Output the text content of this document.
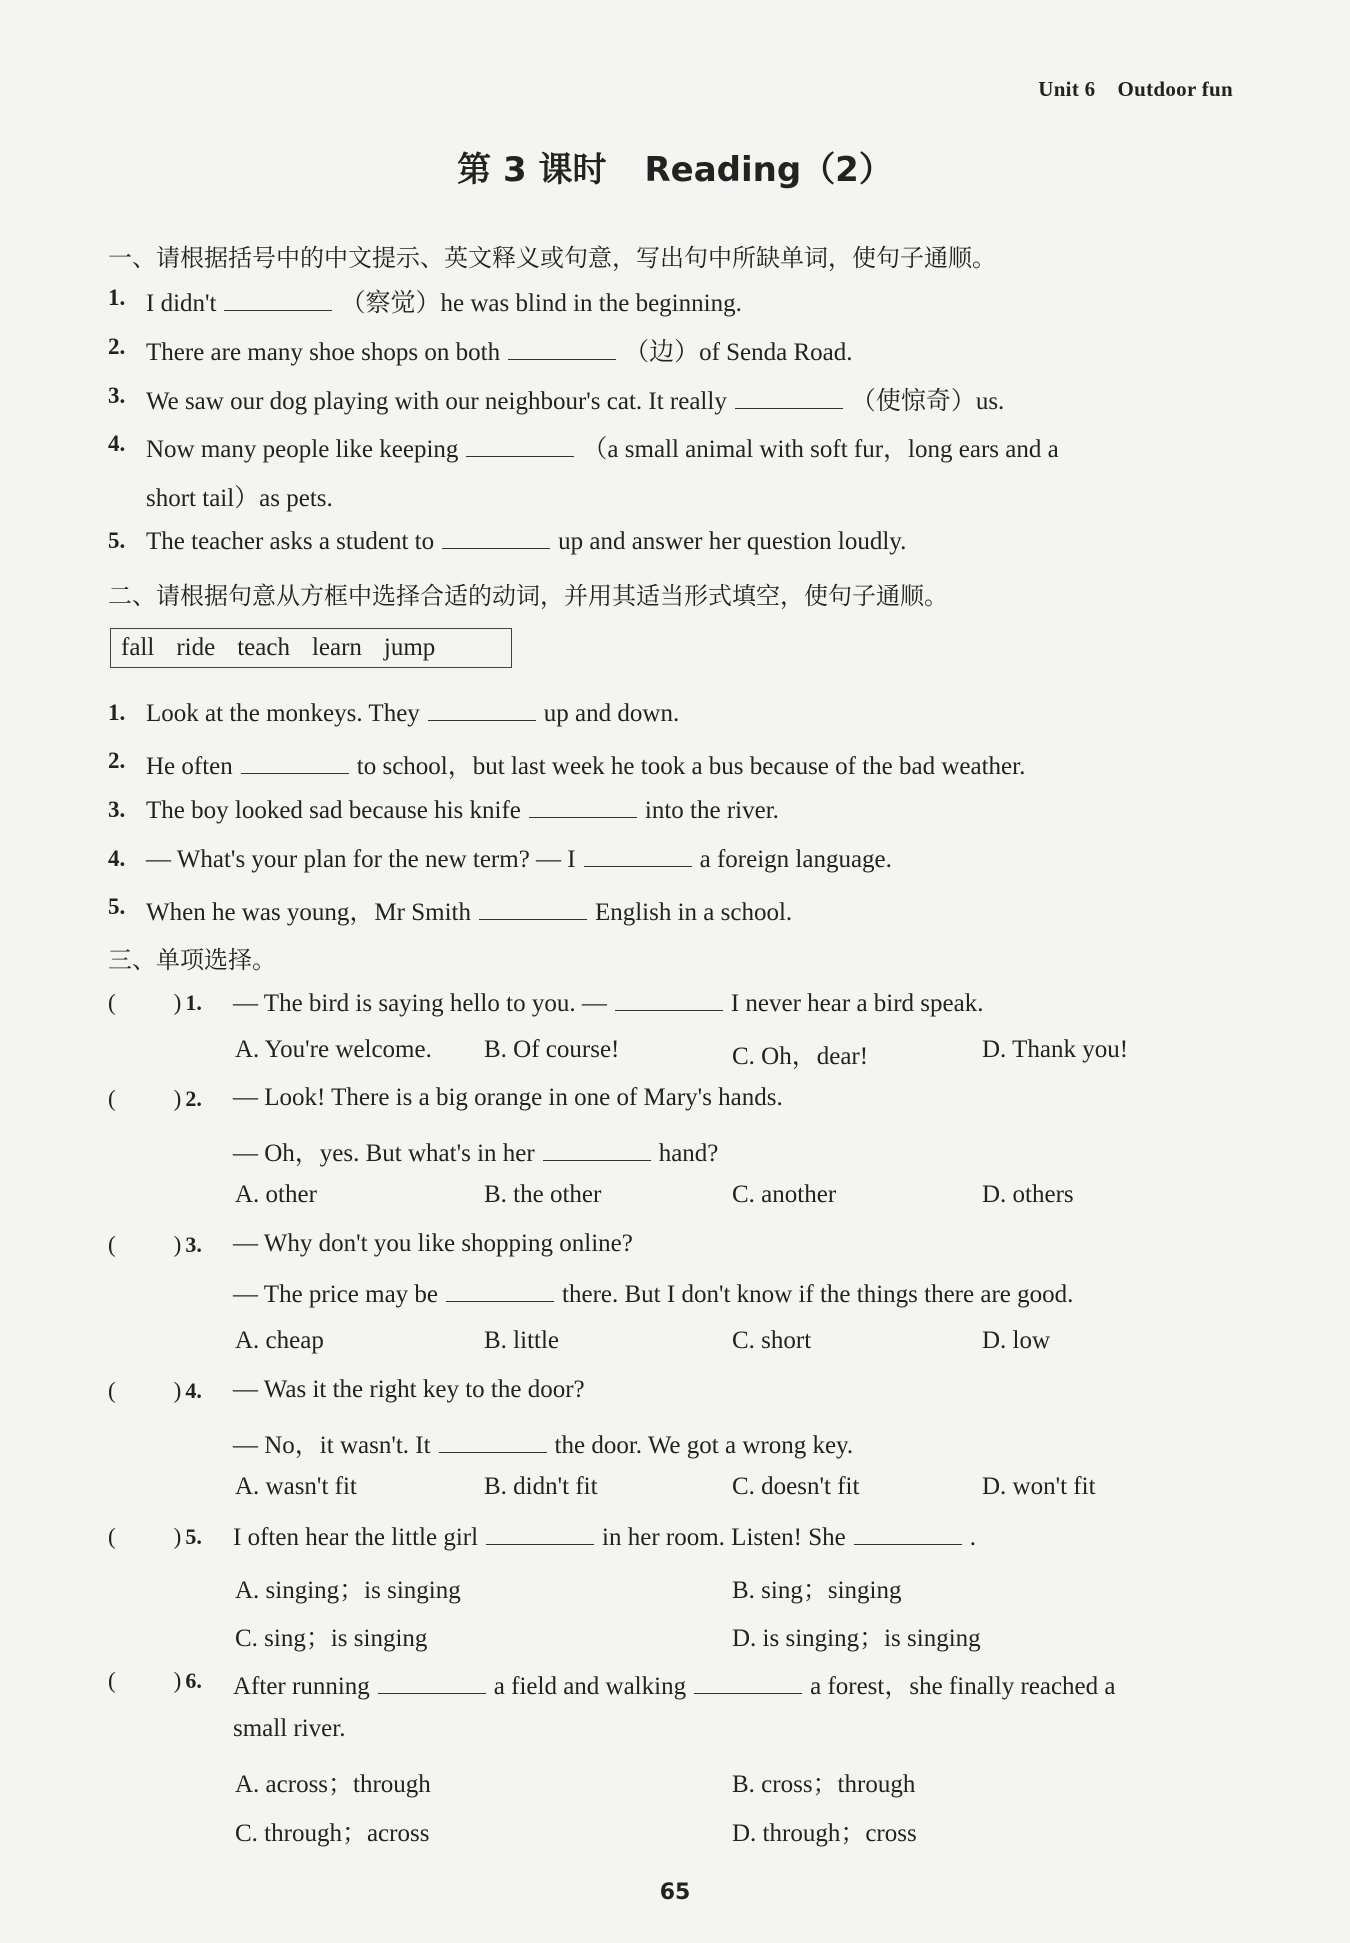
Unit 6 Outdoor fun
第 3 课时 Reading（2）
一、请根据括号中的中文提示、英文释义或句意，写出句中所缺单词，使句子通顺。
1. I didn't	（察觉）he was blind in the beginning.
2. There are many shoe shops on both	（边）of Senda Road.
3. We saw our dog playing with our neighbour's cat. It really	（使惊奇）us.
4. Now many people like keeping	（a small animal with soft fur，long ears and a
short tail）as pets.
5. The teacher asks a student to	up and answer her question loudly.
二、请根据句意从方框中选择合适的动词，并用其适当形式填空，使句子通顺。
fall ride teach learn jump
1. Look at the monkeys. They	up and down.
2. He often	to school，but last week he took a bus because of the bad weather.
3. The boy looked sad because his knife	into the river.
4. — What's your plan for the new term? — I	a foreign language.
5. When he was young，Mr Smith	English in a school.
三、单项选择。
(	) 1. — The bird is saying hello to you. —	I never hear a bird speak.
A. You're welcome. B. Of course!	C. Oh，dear!	D. Thank you!
(	) 2. — Look! There is a big orange in one of Mary's hands.
— Oh，yes. But what's in her	hand?
A. other	B. the other	C. another	D. others
(	) 3. — Why don't you like shopping online?
— The price may be	there. But I don't know if the things there are good.
A. cheap	B. little	C. short	D. low
(	) 4. — Was it the right key to the door?
— No，it wasn't. It	the door. We got a wrong key.
A. wasn't fit	B. didn't fit	C. doesn't fit	D. won't fit
(	) 5. I often hear the little girl	in her room. Listen! She	.
A. singing；is singing	B. sing；singing
C. sing；is singing	D. is singing；is singing
(	) 6. After running	a field and walking	a forest，she finally reached a
small river.
A. across；through	B. cross；through
C. through；across	D. through；cross
65
